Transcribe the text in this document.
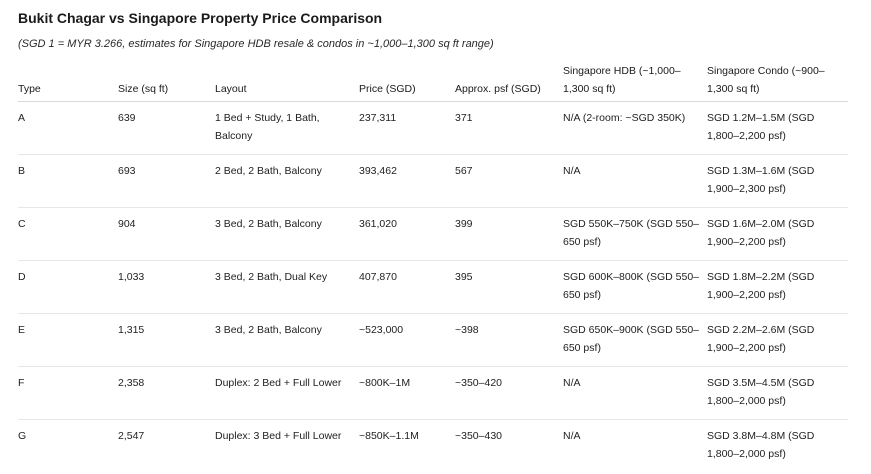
Bukit Chagar vs Singapore Property Price Comparison
(SGD 1 = MYR 3.266, estimates for Singapore HDB resale & condos in ~1,000–1,300 sq ft range)
Type	Size (sq ft)	Layout	Price (SGD)	Approx. psf (SGD)	Singapore HDB (~1,000–1,300 sq ft)	Singapore Condo (~900–1,300 sq ft)
A	639	1 Bed + Study, 1 Bath, Balcony	237,311	371	N/A (2-room: ~SGD 350K)	SGD 1.2M–1.5M (SGD 1,800–2,200 psf)
B	693	2 Bed, 2 Bath, Balcony	393,462	567	N/A	SGD 1.3M–1.6M (SGD 1,900–2,300 psf)
C	904	3 Bed, 2 Bath, Balcony	361,020	399	SGD 550K–750K (SGD 550–650 psf)	SGD 1.6M–2.0M (SGD 1,900–2,200 psf)
D	1,033	3 Bed, 2 Bath, Dual Key	407,870	395	SGD 600K–800K (SGD 550–650 psf)	SGD 1.8M–2.2M (SGD 1,900–2,200 psf)
E	1,315	3 Bed, 2 Bath, Balcony	~523,000	~398	SGD 650K–900K (SGD 550–650 psf)	SGD 2.2M–2.6M (SGD 1,900–2,200 psf)
F	2,358	Duplex: 2 Bed + Full Lower	~800K–1M	~350–420	N/A	SGD 3.5M–4.5M (SGD 1,800–2,000 psf)
G	2,547	Duplex: 3 Bed + Full Lower	~850K–1.1M	~350–430	N/A	SGD 3.8M–4.8M (SGD 1,800–2,000 psf)
